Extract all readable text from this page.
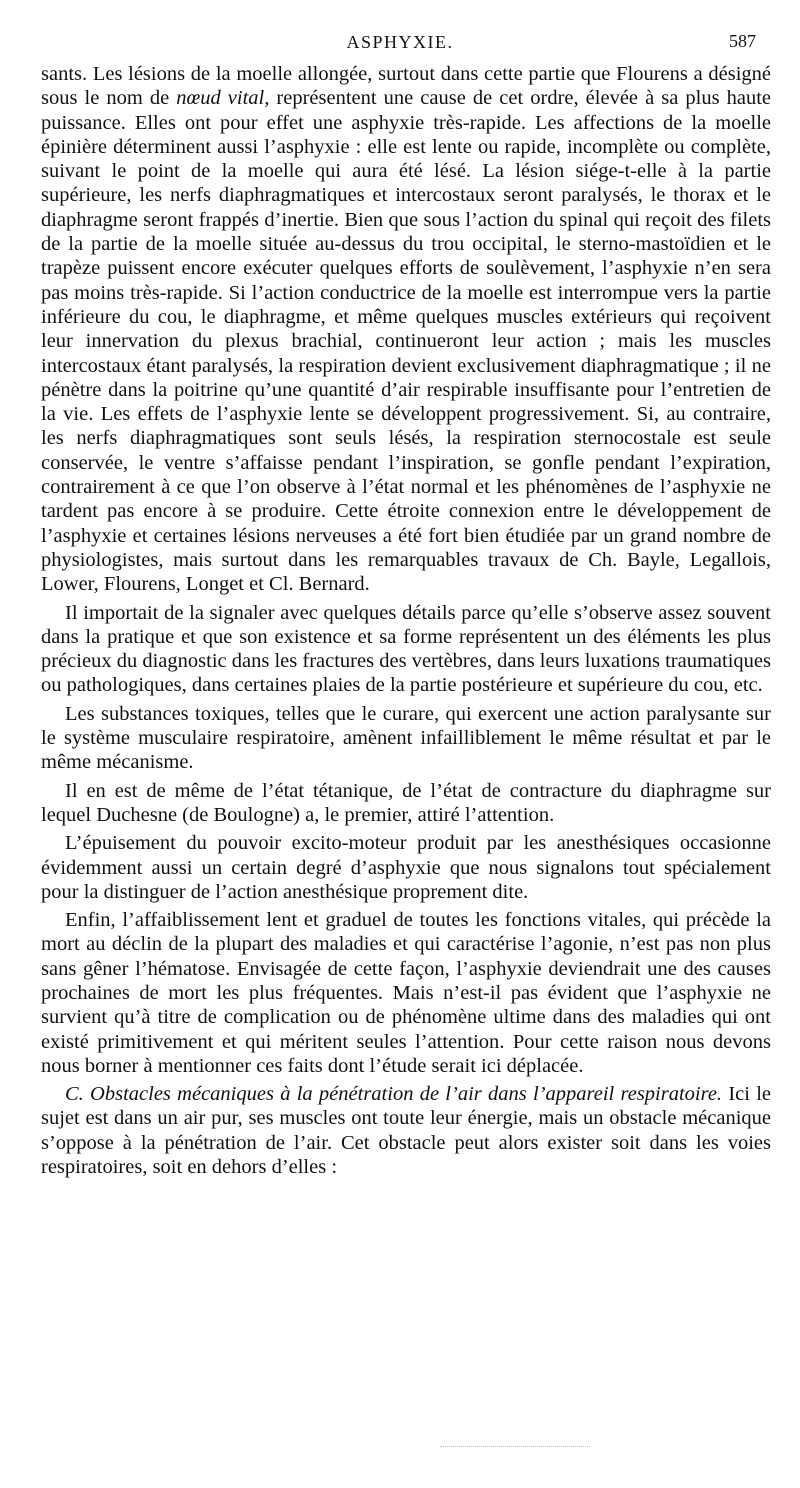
ASPHYXIE.	587

sants. Les lésions de la moelle allongée, surtout dans cette partie que Flourens a désigné sous le nom de nœud vital, représentent une cause de cet ordre, élevée à sa plus haute puissance. Elles ont pour effet une asphyxie très-rapide. Les affections de la moelle épinière déterminent aussi l’asphyxie : elle est lente ou rapide, incomplète ou complète, suivant le point de la moelle qui aura été lésé. La lésion siége-t-elle à la partie supérieure, les nerfs diaphragmatiques et intercostaux seront paralysés, le thorax et le diaphragme seront frappés d’inertie. Bien que sous l’action du spinal qui reçoit des filets de la partie de la moelle située au-dessus du trou occipital, le sterno-mastoïdien et le trapèze puissent encore exécuter quelques efforts de soulèvement, l’asphyxie n’en sera pas moins très-rapide. Si l’action conductrice de la moelle est interrompue vers la partie inférieure du cou, le diaphragme, et même quelques muscles extérieurs qui reçoivent leur innervation du plexus brachial, continueront leur action ; mais les muscles intercostaux étant paralysés, la respiration devient exclusivement diaphragmatique ; il ne pénètre dans la poitrine qu’une quantité d’air respirable insuffisante pour l’entretien de la vie. Les effets de l’asphyxie lente se développent progressivement. Si, au contraire, les nerfs diaphragmatiques sont seuls lésés, la respiration sternocostale est seule conservée, le ventre s’affaisse pendant l’inspiration, se gonfle pendant l’expiration, contrairement à ce que l’on observe à l’état normal et les phénomènes de l’asphyxie ne tardent pas encore à se produire. Cette étroite connexion entre le développement de l’asphyxie et certaines lésions nerveuses a été fort bien étudiée par un grand nombre de physiologistes, mais surtout dans les remarquables travaux de Ch. Bayle, Legallois, Lower, Flourens, Longet et Cl. Bernard.

Il importait de la signaler avec quelques détails parce qu’elle s’observe assez souvent dans la pratique et que son existence et sa forme représentent un des éléments les plus précieux du diagnostic dans les fractures des vertèbres, dans leurs luxations traumatiques ou pathologiques, dans certaines plaies de la partie postérieure et supérieure du cou, etc.

Les substances toxiques, telles que le curare, qui exercent une action paralysante sur le système musculaire respiratoire, amènent infailliblement le même résultat et par le même mécanisme.

Il en est de même de l’état tétanique, de l’état de contracture du diaphragme sur lequel Duchesne (de Boulogne) a, le premier, attiré l’attention.

L’épuisement du pouvoir excito-moteur produit par les anesthésiques occasionne évidemment aussi un certain degré d’asphyxie que nous signalons tout spécialement pour la distinguer de l’action anesthésique proprement dite.

Enfin, l’affaiblissement lent et graduel de toutes les fonctions vitales, qui précède la mort au déclin de la plupart des maladies et qui caractérise l’agonie, n’est pas non plus sans gêner l’hématose. Envisagée de cette façon, l’asphyxie deviendrait une des causes prochaines de mort les plus fréquentes. Mais n’est-il pas évident que l’asphyxie ne survient qu’à titre de complication ou de phénomène ultime dans des maladies qui ont existé primitivement et qui méritent seules l’attention. Pour cette raison nous devons nous borner à mentionner ces faits dont l’étude serait ici déplacée.

C. Obstacles mécaniques à la pénétration de l’air dans l’appareil respiratoire. Ici le sujet est dans un air pur, ses muscles ont toute leur énergie, mais un obstacle mécanique s’oppose à la pénétration de l’air. Cet obstacle peut alors exister soit dans les voies respiratoires, soit en dehors d’elles :
